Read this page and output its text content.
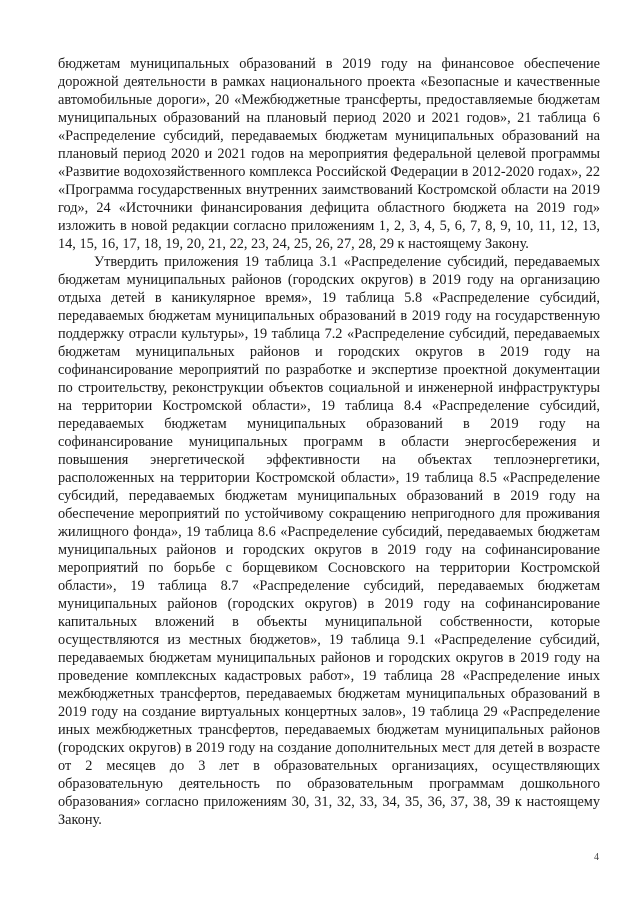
бюджетам муниципальных образований в 2019 году на финансовое обеспечение дорожной деятельности в рамках национального проекта «Безопасные и качественные автомобильные дороги», 20 «Межбюджетные трансферты, предоставляемые бюджетам муниципальных образований на плановый период 2020 и 2021 годов», 21 таблица 6 «Распределение субсидий, передаваемых бюджетам муниципальных образований на плановый период 2020 и 2021 годов на мероприятия федеральной целевой программы «Развитие водохозяйственного комплекса Российской Федерации в 2012-2020 годах», 22 «Программа государственных внутренних заимствований Костромской области на 2019 год», 24 «Источники финансирования дефицита областного бюджета на 2019 год» изложить в новой редакции согласно приложениям 1, 2, 3, 4, 5, 6, 7, 8, 9, 10, 11, 12, 13, 14, 15, 16, 17, 18, 19, 20, 21, 22, 23, 24, 25, 26, 27, 28, 29 к настоящему Закону.

Утвердить приложения 19 таблица 3.1 «Распределение субсидий, передаваемых бюджетам муниципальных районов (городских округов) в 2019 году на организацию отдыха детей в каникулярное время», 19 таблица 5.8 «Распределение субсидий, передаваемых бюджетам муниципальных образований в 2019 году на государственную поддержку отрасли культуры», 19 таблица 7.2 «Распределение субсидий, передаваемых бюджетам муниципальных районов и городских округов в 2019 году на софинансирование мероприятий по разработке и экспертизе проектной документации по строительству, реконструкции объектов социальной и инженерной инфраструктуры на территории Костромской области», 19 таблица 8.4 «Распределение субсидий, передаваемых бюджетам муниципальных образований в 2019 году на софинансирование муниципальных программ в области энергосбережения и повышения энергетической эффективности на объектах теплоэнергетики, расположенных на территории Костромской области», 19 таблица 8.5 «Распределение субсидий, передаваемых бюджетам муниципальных образований в 2019 году на обеспечение мероприятий по устойчивому сокращению непригодного для проживания жилищного фонда», 19 таблица 8.6 «Распределение субсидий, передаваемых бюджетам муниципальных районов и городских округов в 2019 году на софинансирование мероприятий по борьбе с борщевиком Сосновского на территории Костромской области», 19 таблица 8.7 «Распределение субсидий, передаваемых бюджетам муниципальных районов (городских округов) в 2019 году на софинансирование капитальных вложений в объекты муниципальной собственности, которые осуществляются из местных бюджетов», 19 таблица 9.1 «Распределение субсидий, передаваемых бюджетам муниципальных районов и городских округов в 2019 году на проведение комплексных кадастровых работ», 19 таблица 28 «Распределение иных межбюджетных трансфертов, передаваемых бюджетам муниципальных образований в 2019 году на создание виртуальных концертных залов», 19 таблица 29 «Распределение иных межбюджетных трансфертов, передаваемых бюджетам муниципальных районов (городских округов) в 2019 году на создание дополнительных мест для детей в возрасте от 2 месяцев до 3 лет в образовательных организациях, осуществляющих образовательную деятельность по образовательным программам дошкольного образования» согласно приложениям 30, 31, 32, 33, 34, 35, 36, 37, 38, 39 к настоящему Закону.

4
